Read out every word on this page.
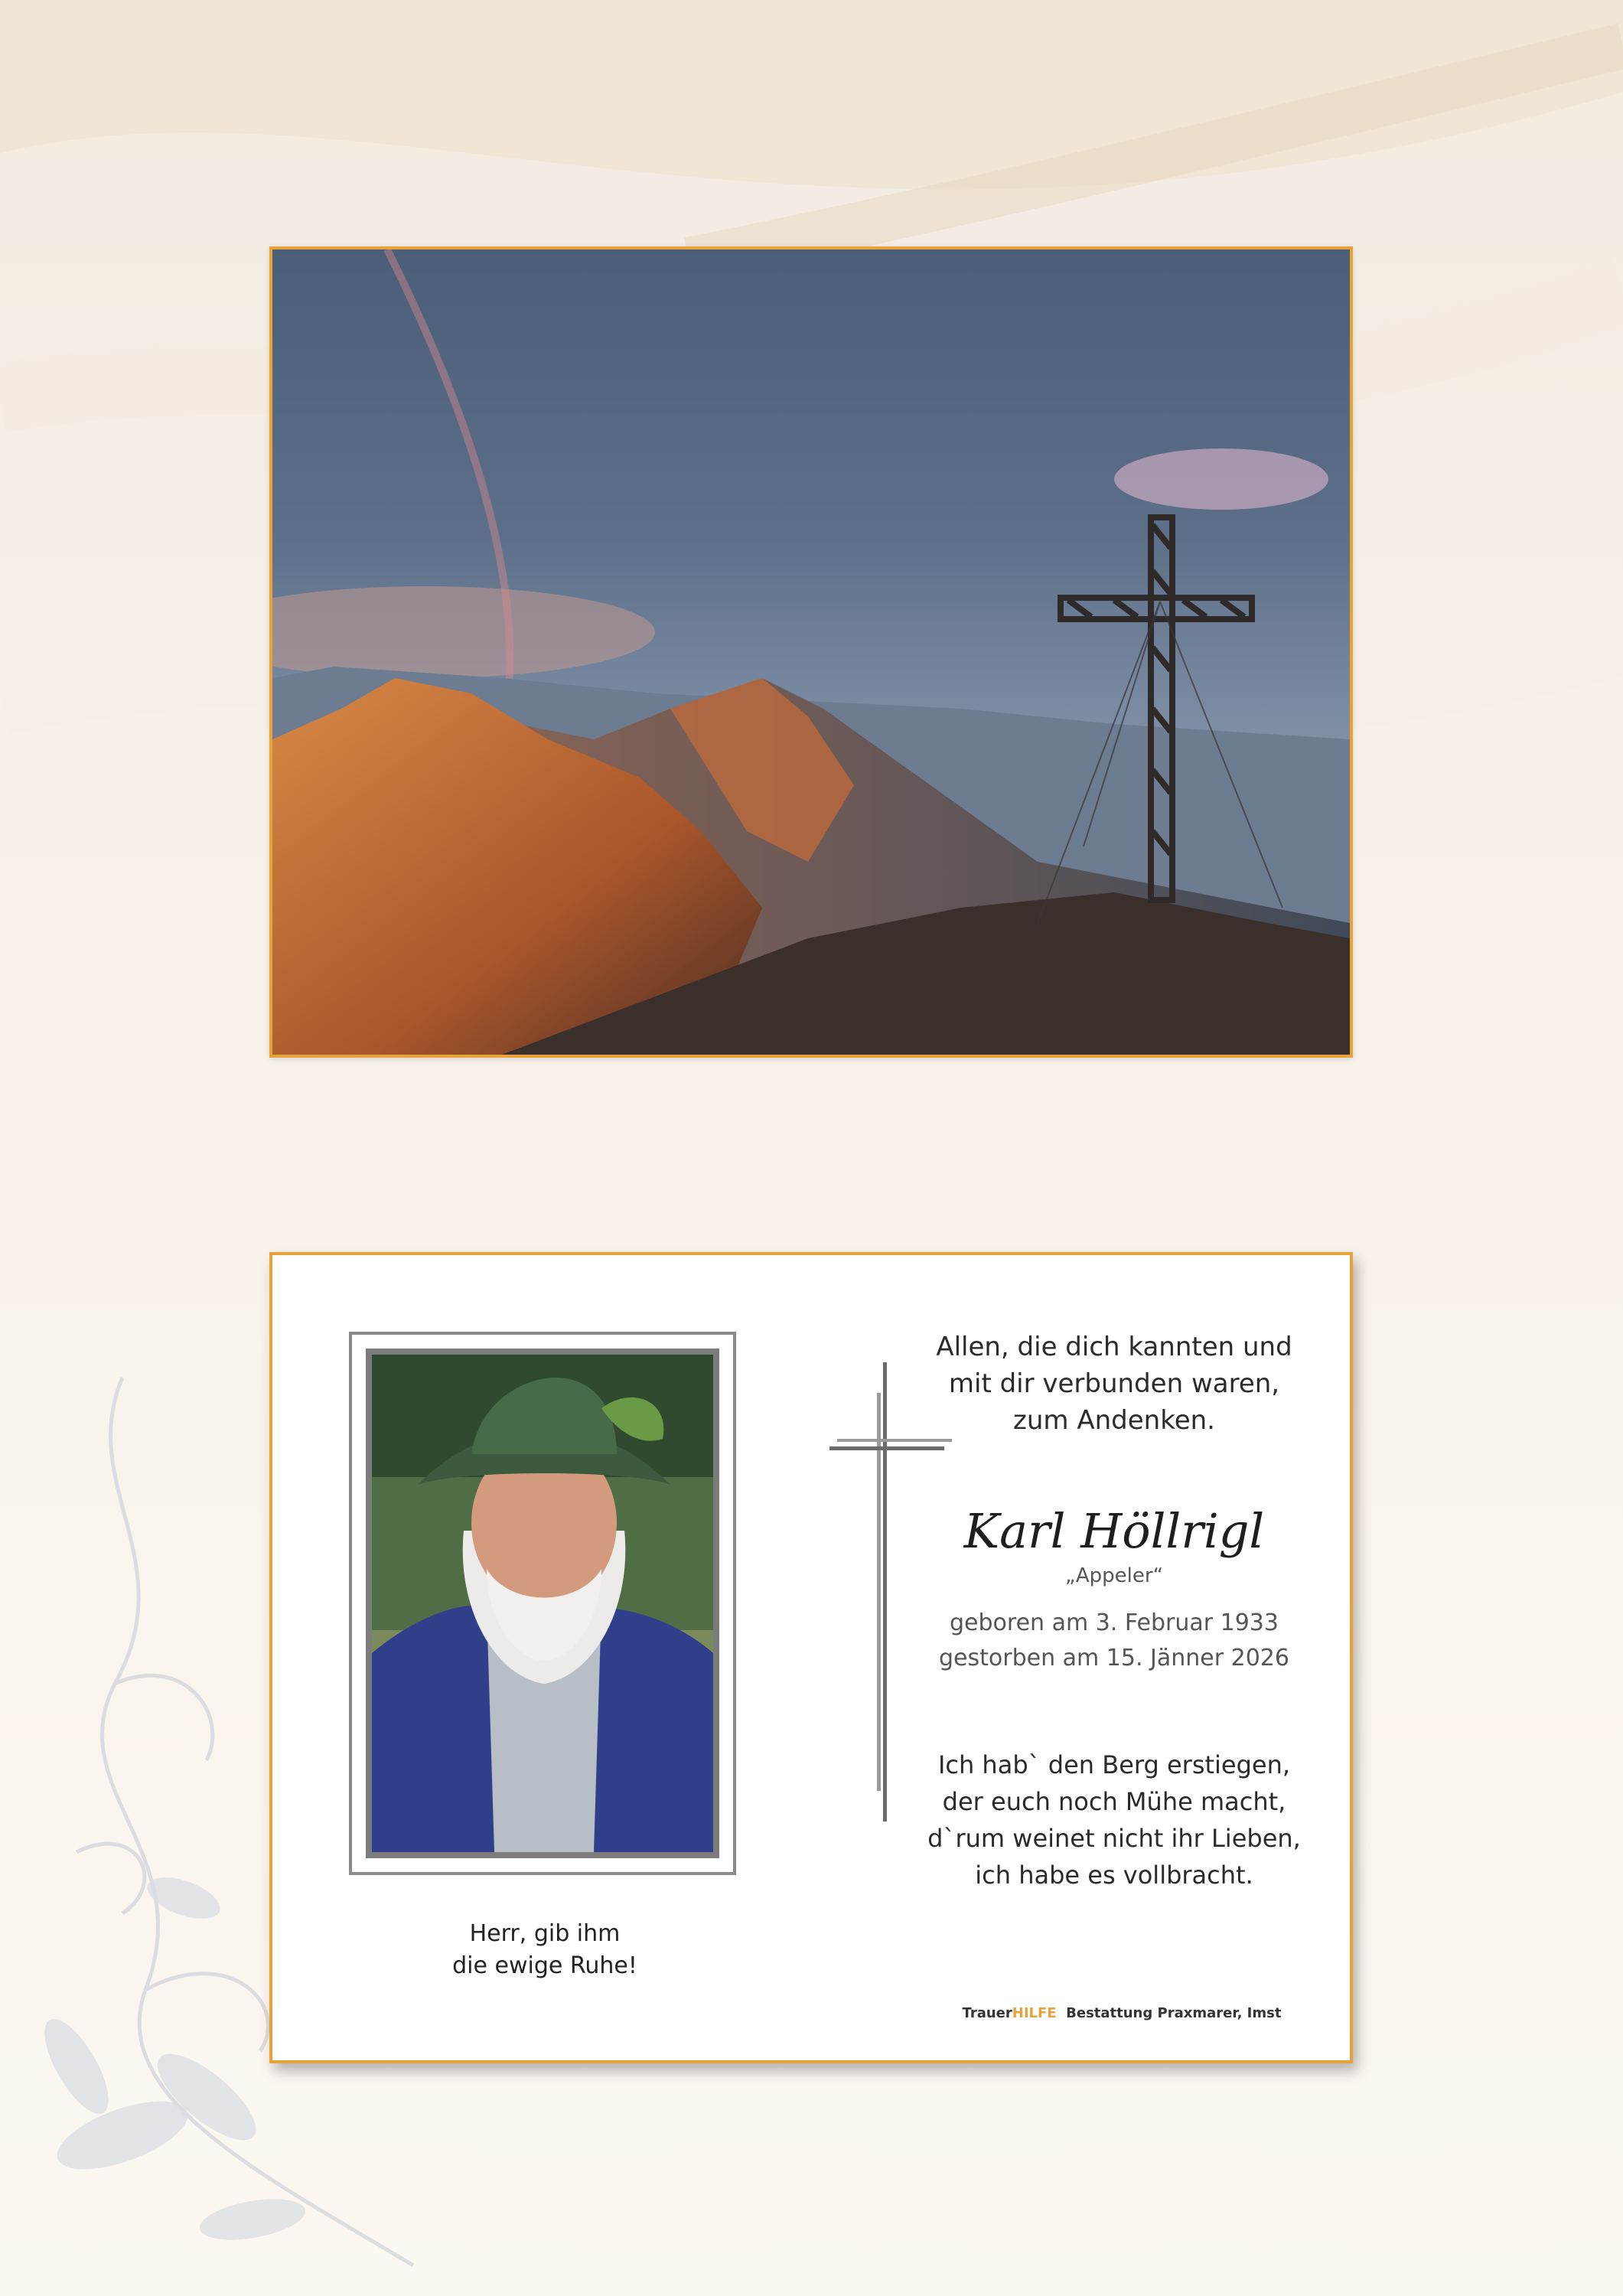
Herr, gib ihm
die ewige Ruhe!
Allen, die dich kannten und
mit dir verbunden waren,
zum Andenken.
Karl Höllrigl
„Appeler“
geboren am 3. Februar 1933
gestorben am 15. Jänner 2026
Ich hab` den Berg erstiegen,
der euch noch Mühe macht,
d`rum weinet nicht ihr Lieben,
ich habe es vollbracht.
TrauerHILFE Bestattung Praxmarer, Imst
